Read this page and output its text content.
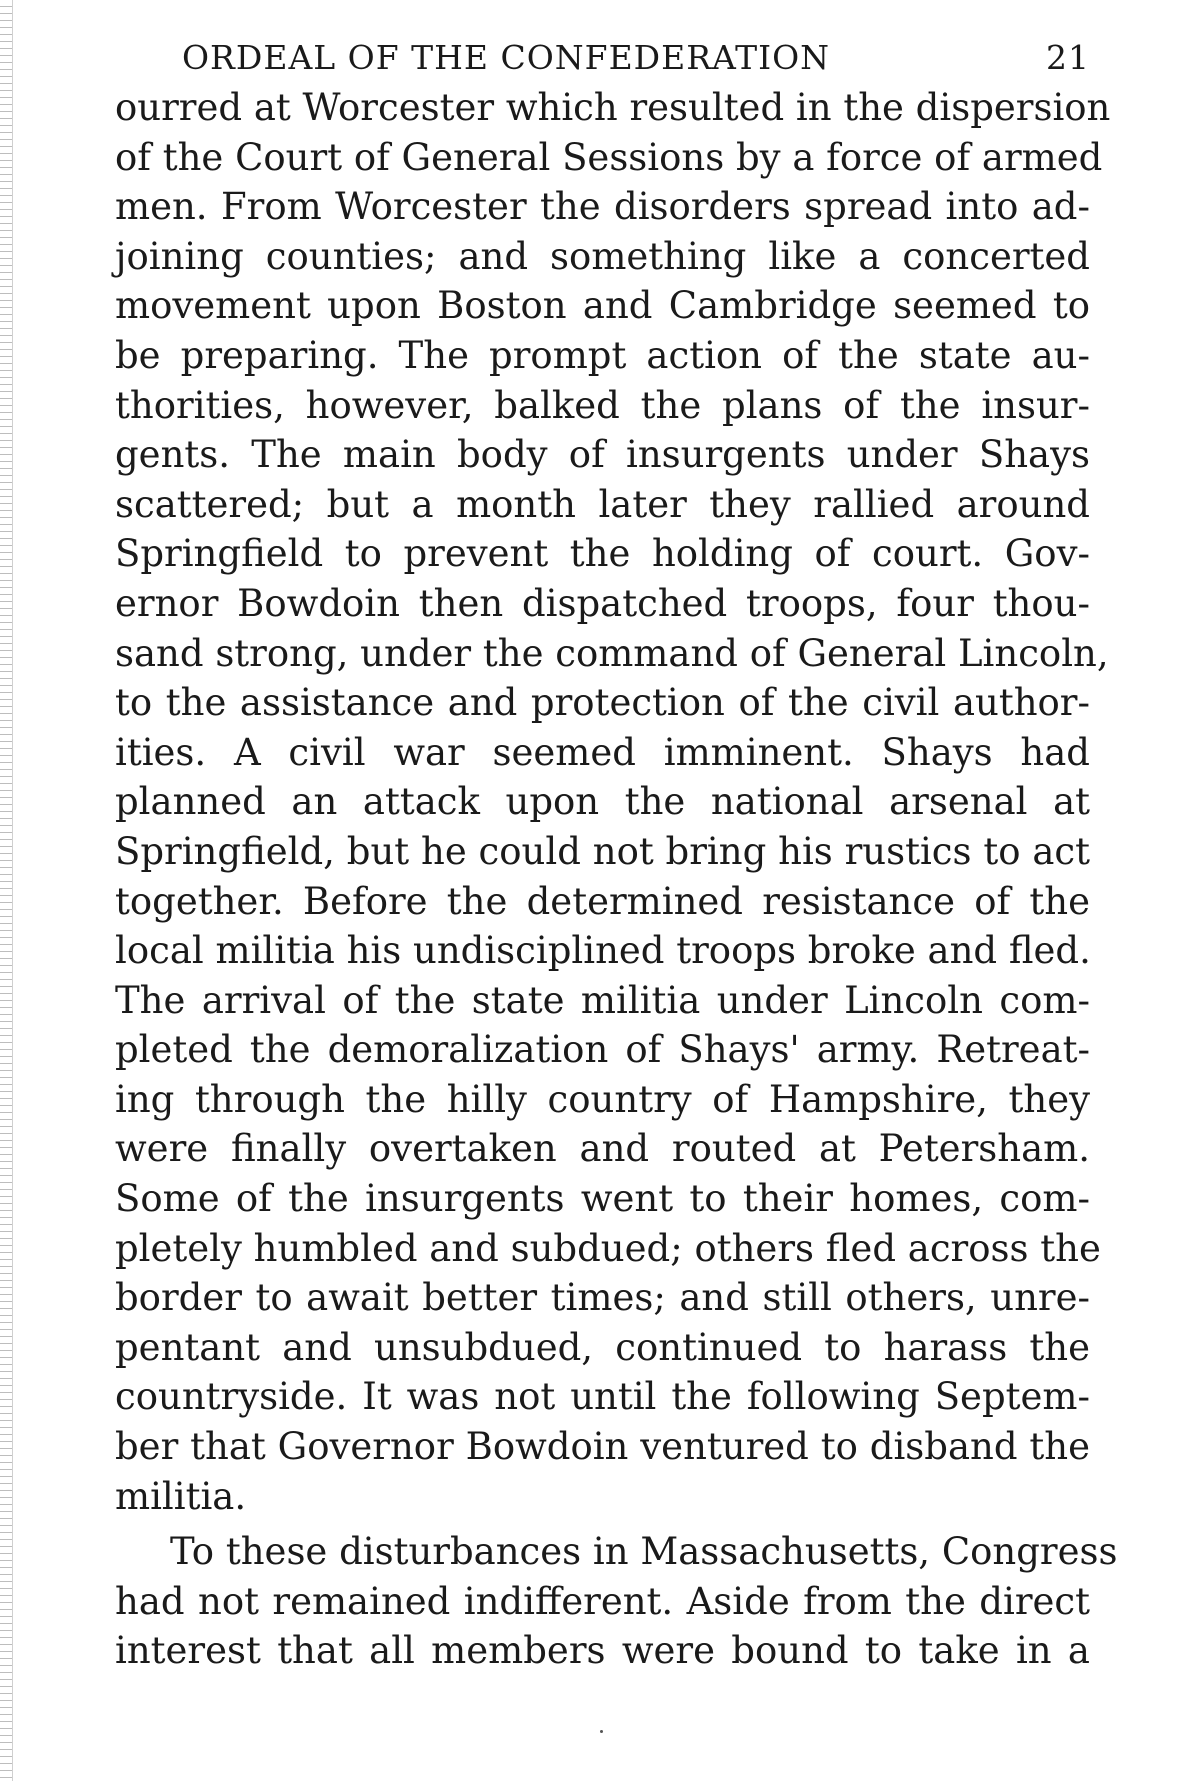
ORDEAL OF THE CONFEDERATION	21

ourred at Worcester which resulted in the dispersion
of the Court of General Sessions by a force of armed
men. From Worcester the disorders spread into ad-
joining counties; and something like a concerted
movement upon Boston and Cambridge seemed to
be preparing. The prompt action of the state au-
thorities, however, balked the plans of the insur-
gents. The main body of insurgents under Shays
scattered; but a month later they rallied around
Springfield to prevent the holding of court. Gov-
ernor Bowdoin then dispatched troops, four thou-
sand strong, under the command of General Lincoln,
to the assistance and protection of the civil author-
ities. A civil war seemed imminent. Shays had
planned an attack upon the national arsenal at
Springfield, but he could not bring his rustics to act
together. Before the determined resistance of the
local militia his undisciplined troops broke and fled.
The arrival of the state militia under Lincoln com-
pleted the demoralization of Shays' army. Retreat-
ing through the hilly country of Hampshire, they
were finally overtaken and routed at Petersham.
Some of the insurgents went to their homes, com-
pletely humbled and subdued; others fled across the
border to await better times; and still others, unre-
pentant and unsubdued, continued to harass the
countryside. It was not until the following Septem-
ber that Governor Bowdoin ventured to disband the
militia.

To these disturbances in Massachusetts, Congress
had not remained indifferent. Aside from the direct
interest that all members were bound to take in a
